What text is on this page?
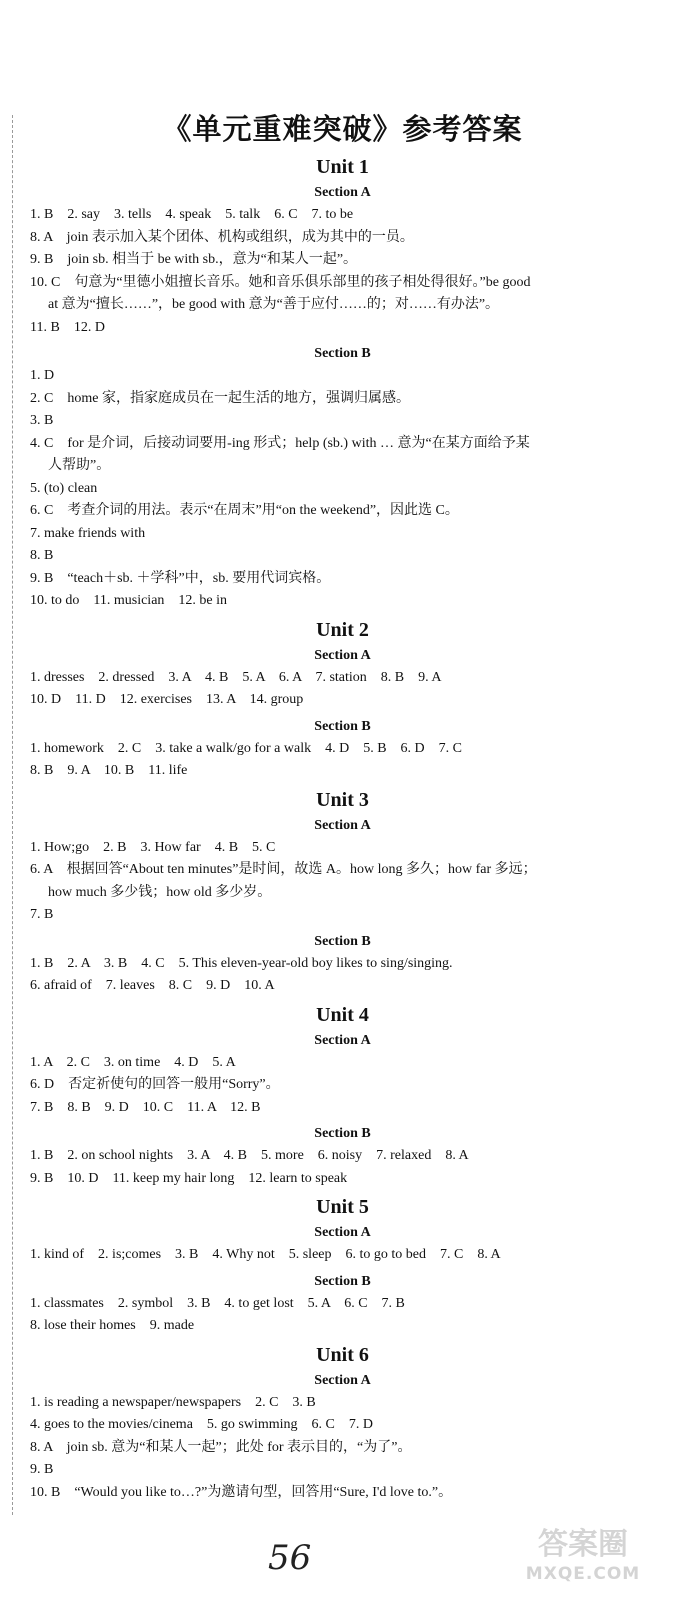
《单元重难突破》参考答案
Unit 1
Section A
1. B　2. say　3. tells　4. speak　5. talk　6. C　7. to be
8. A　join 表示加入某个团体、机构或组织，成为其中的一员。
9. B　join sb. 相当于 be with sb.，意为“和某人一起”。
10. C　句意为“里德小姐擅长音乐。她和音乐俱乐部里的孩子相处得很好。”be good
at 意为“擅长……”，be good with 意为“善于应付……的；对……有办法”。
11. B　12. D
Section B
1. D
2. C　home 家，指家庭成员在一起生活的地方，强调归属感。
3. B
4. C　for 是介词，后接动词要用-ing 形式；help (sb.) with … 意为“在某方面给予某
人帮助”。
5. (to) clean
6. C　考查介词的用法。表示“在周末”用“on the weekend”，因此选 C。
7. make friends with
8. B
9. B　“teach＋sb. ＋学科”中，sb. 要用代词宾格。
10. to do　11. musician　12. be in
Unit 2
Section A
1. dresses　2. dressed　3. A　4. B　5. A　6. A　7. station　8. B　9. A
10. D　11. D　12. exercises　13. A　14. group
Section B
1. homework　2. C　3. take a walk/go for a walk　4. D　5. B　6. D　7. C
8. B　9. A　10. B　11. life
Unit 3
Section A
1. How;go　2. B　3. How far　4. B　5. C
6. A　根据回答“About ten minutes”是时间，故选 A。how long 多久；how far 多远；
how much 多少钱；how old 多少岁。
7. B
Section B
1. B　2. A　3. B　4. C　5. This eleven-year-old boy likes to sing/singing.
6. afraid of　7. leaves　8. C　9. D　10. A
Unit 4
Section A
1. A　2. C　3. on time　4. D　5. A
6. D　否定祈使句的回答一般用“Sorry”。
7. B　8. B　9. D　10. C　11. A　12. B
Section B
1. B　2. on school nights　3. A　4. B　5. more　6. noisy　7. relaxed　8. A
9. B　10. D　11. keep my hair long　12. learn to speak
Unit 5
Section A
1. kind of　2. is;comes　3. B　4. Why not　5. sleep　6. to go to bed　7. C　8. A
Section B
1. classmates　2. symbol　3. B　4. to get lost　5. A　6. C　7. B
8. lose their homes　9. made
Unit 6
Section A
1. is reading a newspaper/newspapers　2. C　3. B
4. goes to the movies/cinema　5. go swimming　6. C　7. D
8. A　join sb. 意为“和某人一起”；此处 for 表示目的，“为了”。
9. B
10. B　“Would you like to…?”为邀请句型，回答用“Sure, I'd love to.”。
56	答案圈
MXQE.COM
